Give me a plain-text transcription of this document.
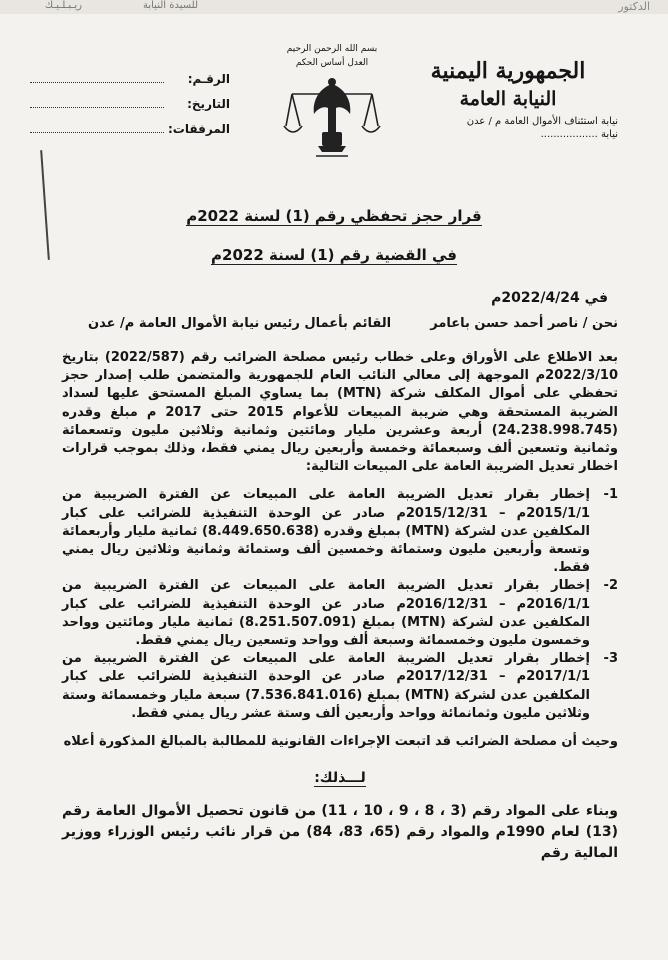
للسيدة النيابة
ريـبـلـيـك	الدكتور
الجمهورية اليمنية
النيابة العامة
نيابة استئناف الأموال العامة م / عدن
نيابة ..................
بسم الله الرحمن الرحيم
العدل أساس الحكم
الرقـم:
التاريخ:
المرفقات:
قرار حجز تحفظي رقم (1) لسنة 2022م
في القضية رقم (1) لسنة 2022م
في 2022/4/24م
نحن / ناصر أحمد حسن باعامر
القائم بأعمال رئيس نيابة الأموال العامة م/ عدن

بعد الاطلاع على الأوراق وعلى خطاب رئيس مصلحة الضرائب رقم (2022/587) بتاريخ 2022/3/10م الموجهة إلى معالي النائب العام للجمهورية والمتضمن طلب إصدار حجز تحفظي على أموال المكلف شركة (MTN) بما يساوي المبلغ المستحق عليها لسداد الضريبة المستحقة وهي ضريبة المبيعات للأعوام 2015 حتى 2017 م مبلغ وقدره (24.238.998.745) أربعة وعشرين مليار ومائتين وثمانية وثلاثين مليون وتسعمائة وثمانية وتسعين ألف وسبعمائة وخمسة وأربعين ريال يمني فقط، وذلك بموجب قرارات اخطار تعديل الضريبة العامة على المبيعات التالية:

1-
إخطار بقرار تعديل الضريبة العامة على المبيعات عن الفترة الضريبية من 2015/1/1م – 2015/12/31م صادر عن الوحدة التنفيذية للضرائب على كبار المكلفين عدن لشركة (MTN) بمبلغ وقدره (8.449.650.638) ثمانية مليار وأربعمائة وتسعة وأربعين مليون وستمائة وخمسين ألف وستمائة وثمانية وثلاثين ريال يمني فقط.
2-
إخطار بقرار تعديل الضريبة العامة على المبيعات عن الفترة الضريبية من 2016/1/1م – 2016/12/31م صادر عن الوحدة التنفيذية للضرائب على كبار المكلفين عدن لشركة (MTN) بمبلغ (8.251.507.091) ثمانية مليار ومائتين وواحد وخمسون مليون وخمسمائة وسبعة ألف وواحد وتسعين ريال يمني فقط.
3-
إخطار بقرار تعديل الضريبة العامة على المبيعات عن الفترة الضريبية من 2017/1/1م – 2017/12/31م صادر عن الوحدة التنفيذية للضرائب على كبار المكلفين عدن لشركة (MTN) بمبلغ (7.536.841.016) سبعة مليار وخمسمائة وستة وثلاثين مليون وثمانمائة وواحد وأربعين ألف وستة عشر ريال يمني فقط.
وحيث أن مصلحة الضرائب قد اتبعت الإجراءات القانونية للمطالبة بالمبالغ المذكورة أعلاه
لـــذلك:
وبناء على المواد رقم (3 ، 8 ، 9 ، 10 ، 11) من قانون تحصيل الأموال العامة رقم (13) لعام 1990م والمواد رقم (65، 83، 84) من قرار نائب رئيس الوزراء ووزير المالية رقم
